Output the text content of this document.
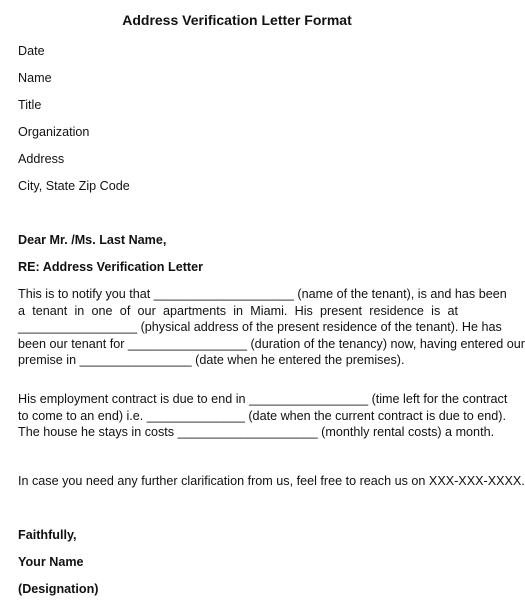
Address Verification Letter Format
Date
Name
Title
Organization
Address
City, State Zip Code
Dear Mr. /Ms. Last Name,
RE: Address Verification Letter
This is to notify you that ____________________ (name of the tenant), is and has been
a tenant in one of our apartments in Miami. His present residence is at
_________________ (physical address of the present residence of the tenant). He has
been our tenant for _________________ (duration of the tenancy) now, having entered our
premise in ________________ (date when he entered the premises).
His employment contract is due to end in _________________ (time left for the contract
to come to an end) i.e. ______________ (date when the current contract is due to end).
The house he stays in costs ____________________ (monthly rental costs) a month.
In case you need any further clarification from us, feel free to reach us on XXX-XXX-XXXX.
Faithfully,
Your Name
(Designation)
